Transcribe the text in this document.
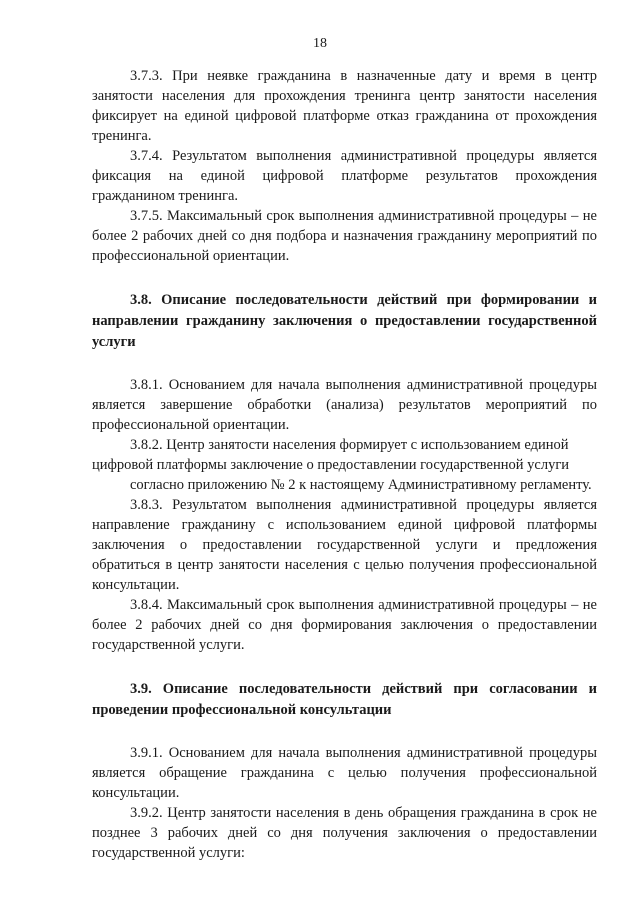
18

3.7.3. При неявке гражданина в назначенные дату и время в центр занятости населения для прохождения тренинга центр занятости населения фиксирует на единой цифровой платформе отказ гражданина от прохождения тренинга.

3.7.4. Результатом выполнения административной процедуры является фиксация на единой цифровой платформе результатов прохождения гражданином тренинга.

3.7.5. Максимальный срок выполнения административной процедуры – не более 2 рабочих дней со дня подбора и назначения гражданину мероприятий по профессиональной ориентации.

3.8. Описание последовательности действий при формировании и направлении гражданину заключения о предоставлении государственной услуги

3.8.1. Основанием для начала выполнения административной процедуры является завершение обработки (анализа) результатов мероприятий по профессиональной ориентации.

3.8.2. Центр занятости населения формирует с использованием единой цифровой платформы заключение о предоставлении государственной услуги

согласно приложению № 2 к настоящему Административному регламенту.

3.8.3. Результатом выполнения административной процедуры является направление гражданину с использованием единой цифровой платформы заключения о предоставлении государственной услуги и предложения обратиться в центр занятости населения с целью получения профессиональной консультации.

3.8.4. Максимальный срок выполнения административной процедуры – не более 2 рабочих дней со дня формирования заключения о предоставлении государственной услуги.

3.9. Описание последовательности действий при согласовании и проведении профессиональной консультации

3.9.1. Основанием для начала выполнения административной процедуры является обращение гражданина с целью получения профессиональной консультации.

3.9.2. Центр занятости населения в день обращения гражданина в срок не позднее 3 рабочих дней со дня получения заключения о предоставлении государственной услуги:
